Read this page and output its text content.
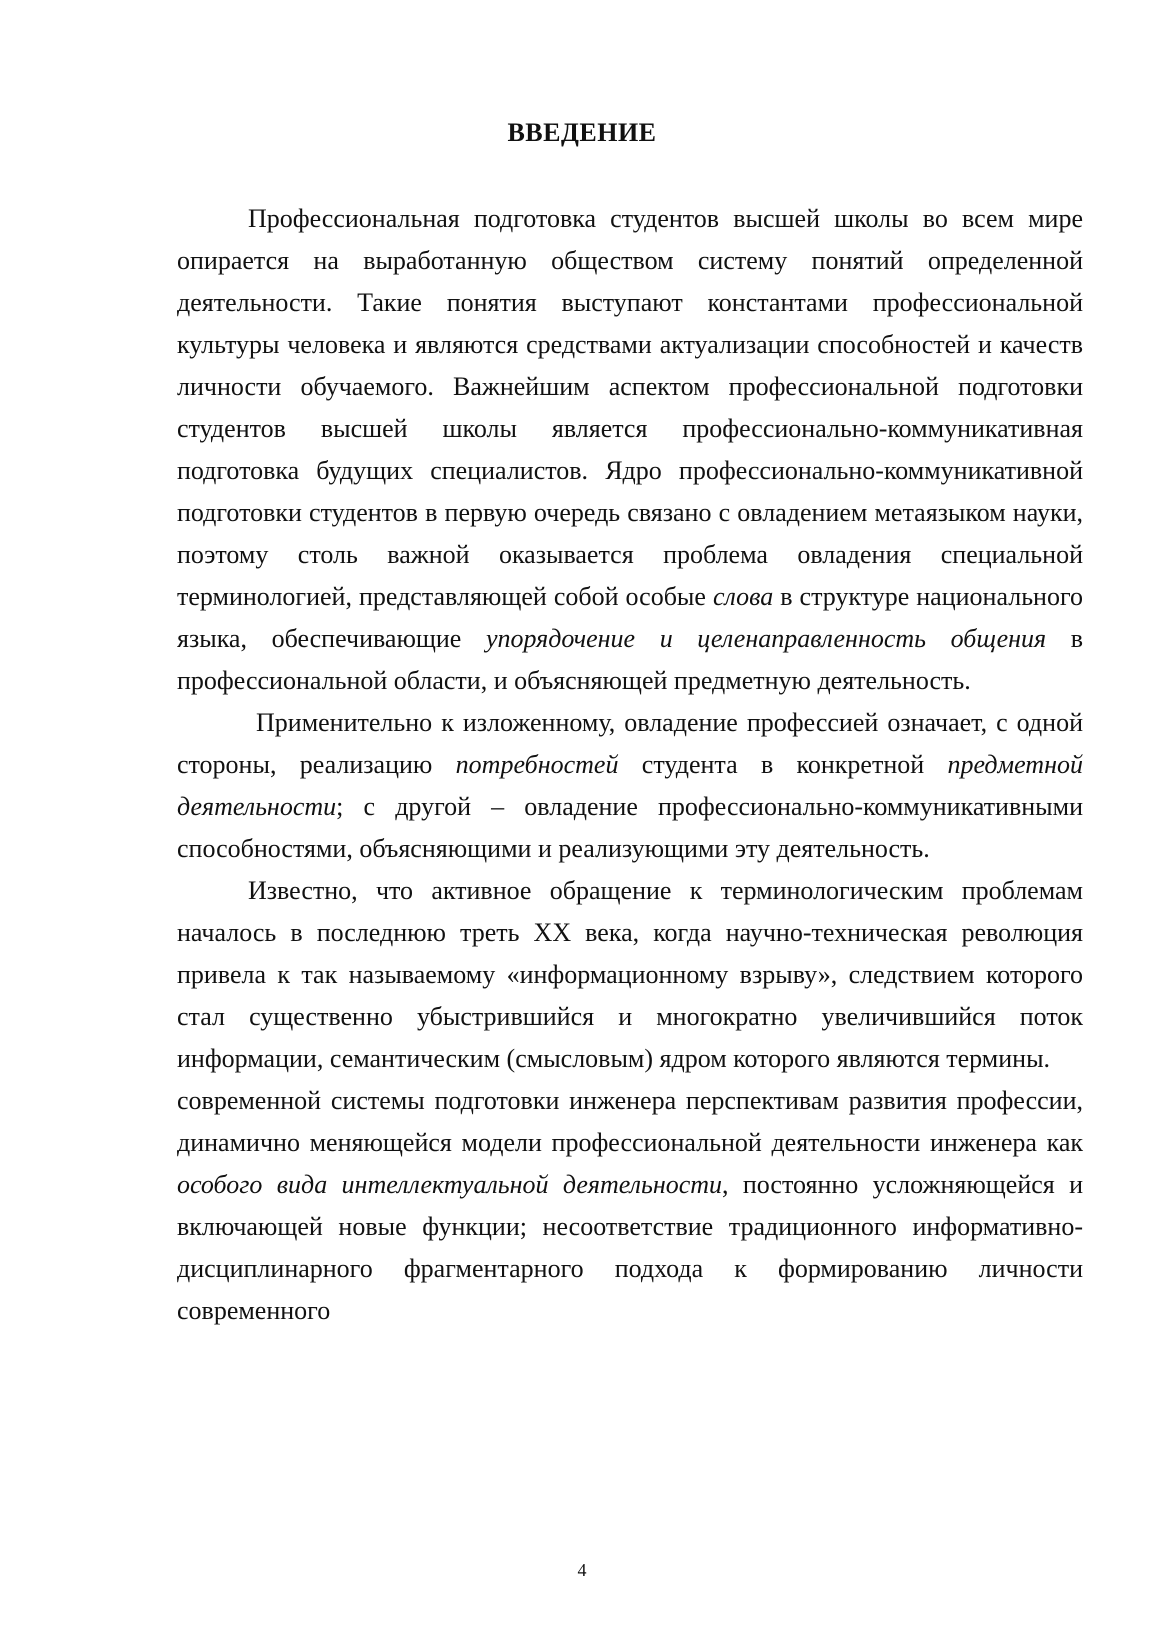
ВВЕДЕНИЕ

Профессиональная подготовка студентов высшей школы во всем мире опирается на выработанную обществом систему понятий определенной деятельности. Такие понятия выступают константами профессиональной культуры человека и являются средствами актуализации способностей и качеств личности обучаемого. Важнейшим аспектом профессиональной подготовки студентов высшей школы является профессионально-коммуникативная подготовка будущих специалистов. Ядро профессионально-коммуникативной подготовки студентов в первую очередь связано с овладением метаязыком науки, поэтому столь важной оказывается проблема овладения специальной терминологией, представляющей собой особые слова в структуре национального языка, обеспечивающие упорядочение и целенаправленность общения в профессиональной области, и объясняющей предметную деятельность.

Применительно к изложенному, овладение профессией означает, с одной стороны, реализацию потребностей студента в конкретной предметной деятельности; с другой – овладение профессионально-коммуникативными способностями, объясняющими и реализующими эту деятельность.

Известно, что активное обращение к терминологическим проблемам началось в последнюю треть XX века, когда научно-техническая революция привела к так называемому «информационному взрыву», следствием которого стал существенно убыстрившийся и многократно увеличившийся поток информации, семантическим (смысловым) ядром которого являются термины.

современной системы подготовки инженера перспективам развития профессии, динамично меняющейся модели профессиональной деятельности инженера как особого вида интеллектуальной деятельности, постоянно усложняющейся и включающей новые функции; несоответствие традиционного информативно-дисциплинарного фрагментарного подхода к формированию личности современного

4
